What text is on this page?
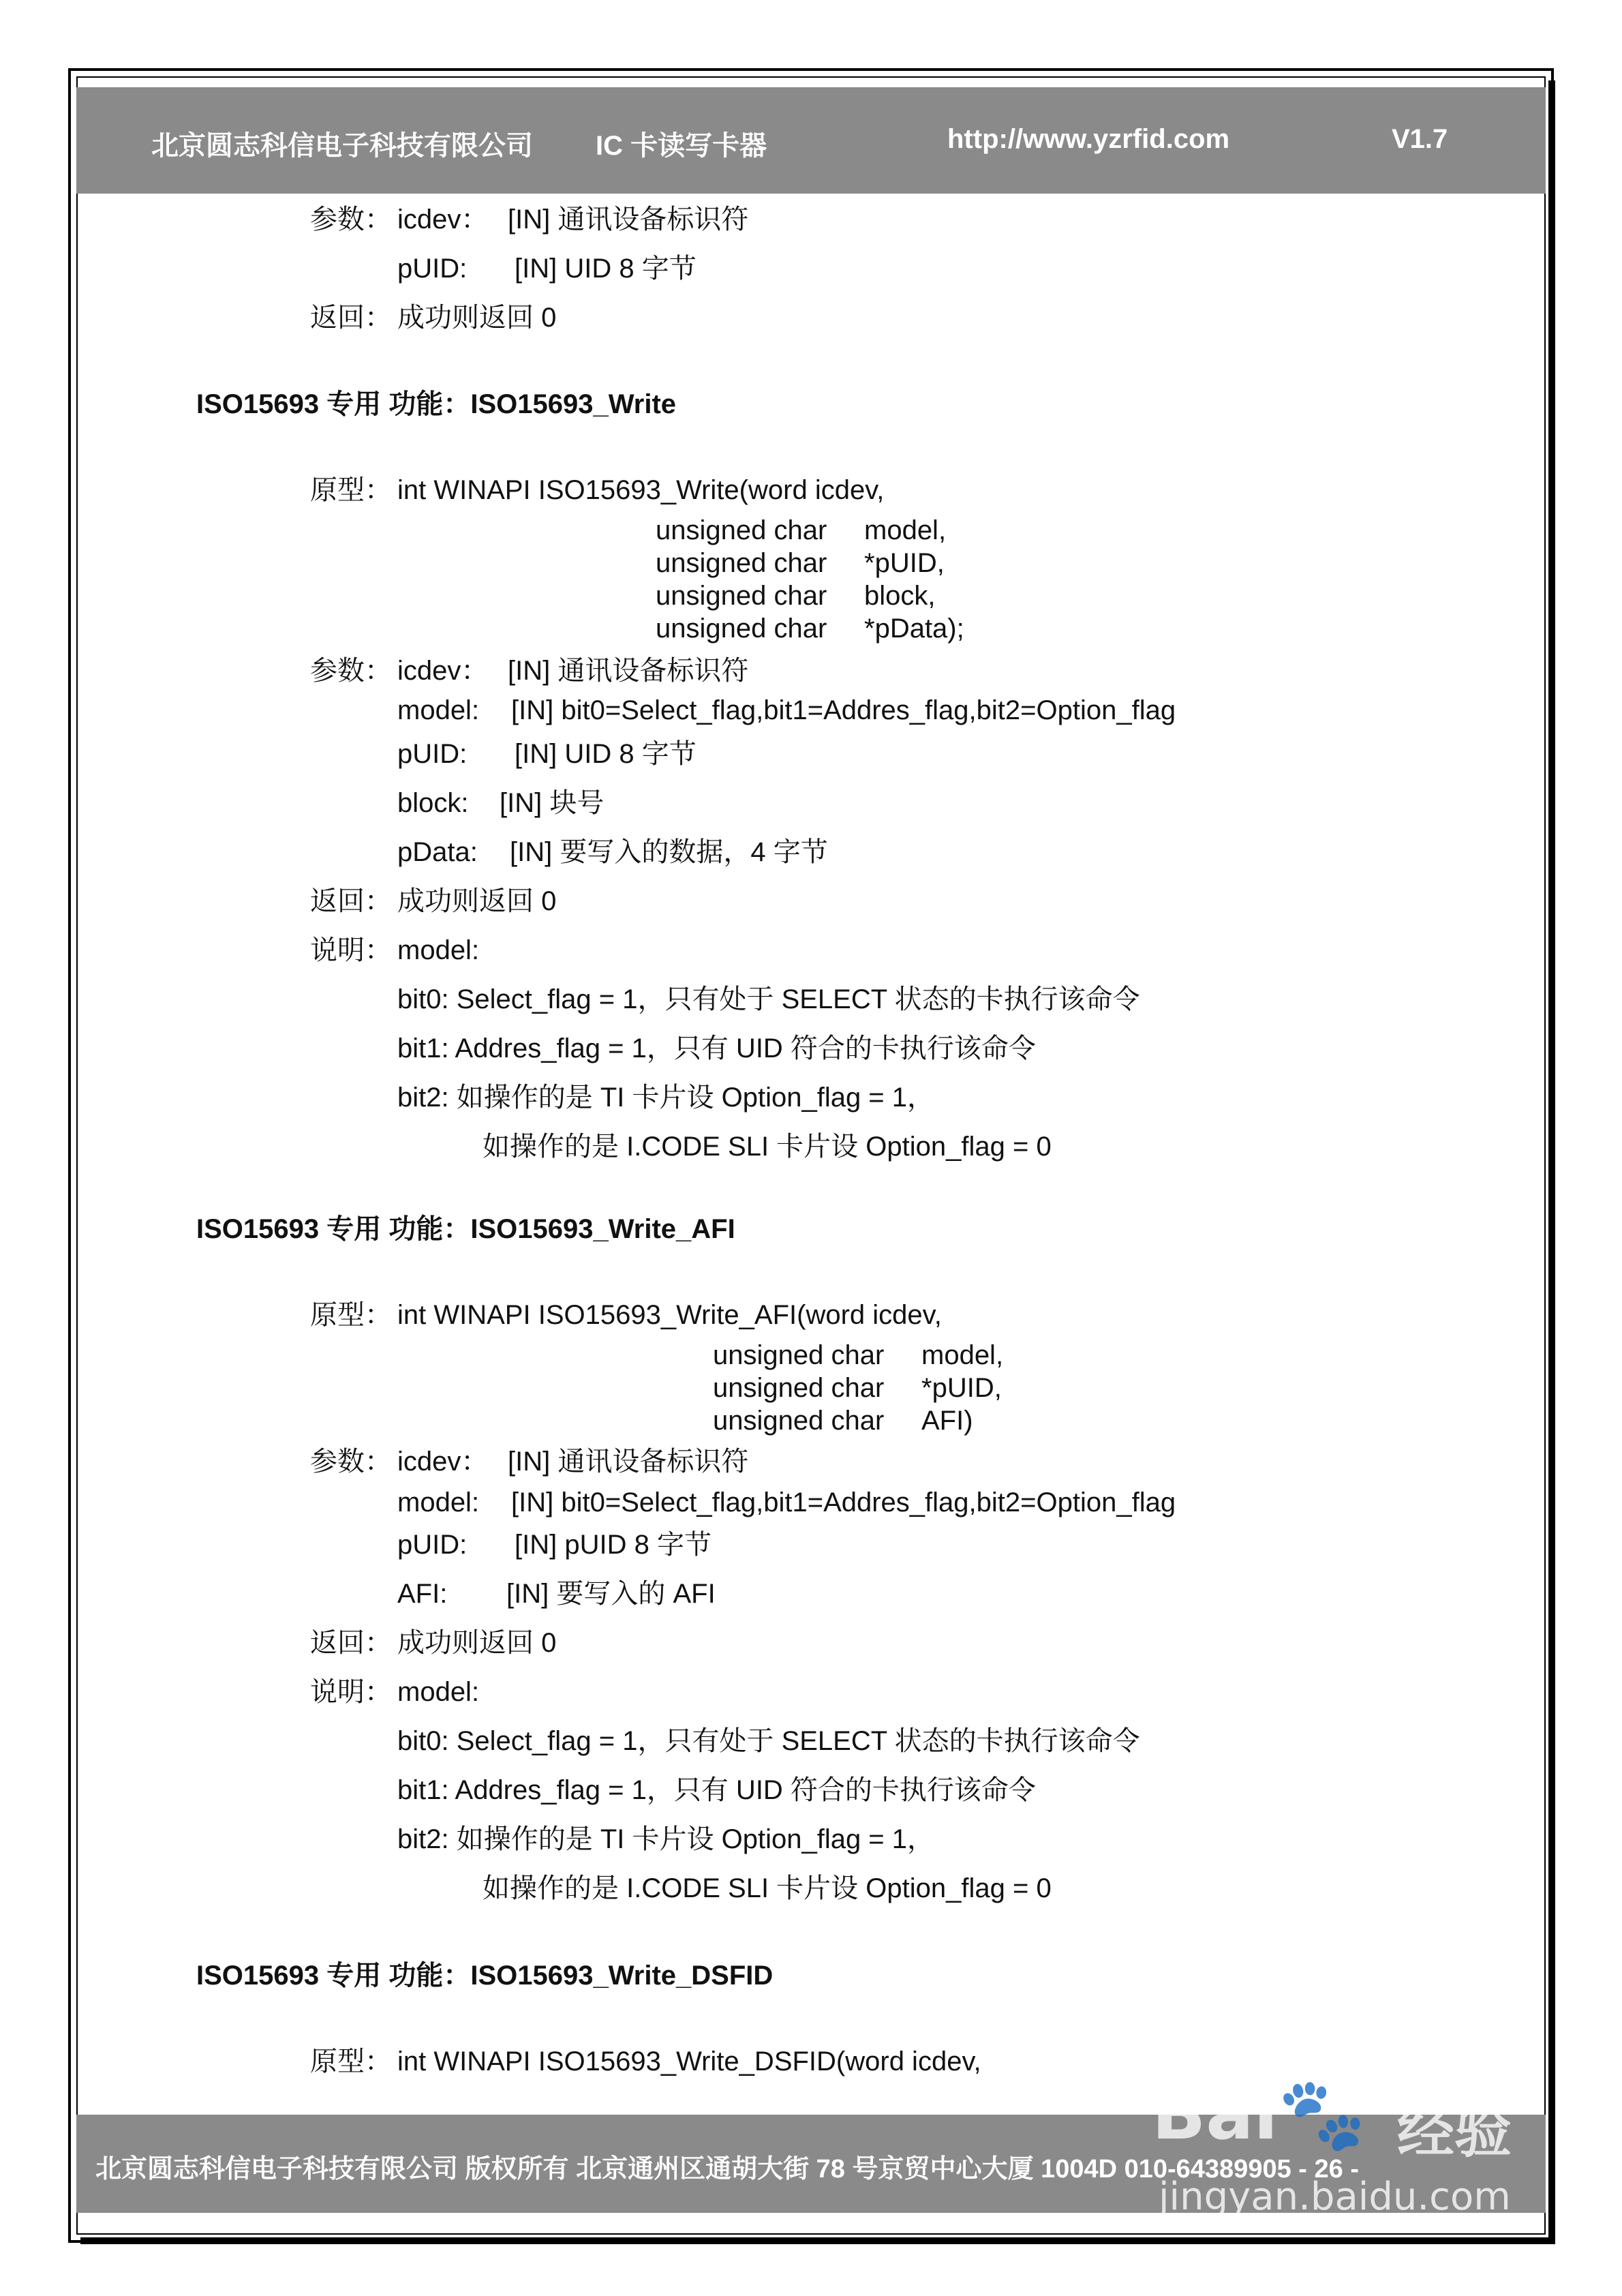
北京圆志科信电子科技有限公司 IC 卡读写卡器	http://www.yzrfid.com	V1.7
参数： icdev： [IN] 通讯设备标识符
pUID: [IN] UID 8 字节
返回： 成功则返回 0
ISO15693 专用 功能：ISO15693_Write
原型： int WINAPI ISO15693_Write(word icdev,
unsigned char model,
unsigned char *pUID,
unsigned char block,
unsigned char *pData);
参数： icdev： [IN] 通讯设备标识符
model: [IN] bit0=Select_flag,bit1=Addres_flag,bit2=Option_flag
pUID: [IN] UID 8 字节
block: [IN] 块号
pData: [IN] 要写入的数据，4 字节
返回： 成功则返回 0
说明： model:
bit0: Select_flag = 1，只有处于 SELECT 状态的卡执行该命令
bit1: Addres_flag = 1，只有 UID 符合的卡执行该命令
bit2: 如操作的是 TI 卡片设 Option_flag = 1，
如操作的是 I.CODE SLI 卡片设 Option_flag = 0
ISO15693 专用 功能：ISO15693_Write_AFI
原型： int WINAPI ISO15693_Write_AFI(word icdev,
unsigned char model,
unsigned char *pUID,
unsigned char AFI)
参数： icdev： [IN] 通讯设备标识符
model: [IN] bit0=Select_flag,bit1=Addres_flag,bit2=Option_flag
pUID: [IN] pUID 8 字节
AFI: [IN] 要写入的 AFI
返回： 成功则返回 0
说明： model:
bit0: Select_flag = 1，只有处于 SELECT 状态的卡执行该命令
bit1: Addres_flag = 1，只有 UID 符合的卡执行该命令
bit2: 如操作的是 TI 卡片设 Option_flag = 1，
如操作的是 I.CODE SLI 卡片设 Option_flag = 0
ISO15693 专用 功能：ISO15693_Write_DSFID
原型： int WINAPI ISO15693_Write_DSFID(word icdev,
北京圆志科信电子科技有限公司 版权所有 北京通州区通胡大街 78 号京贸中心大厦 1004D 010-64389905 - 26 -
Bai🐾 经验
jingyan.baidu.com
